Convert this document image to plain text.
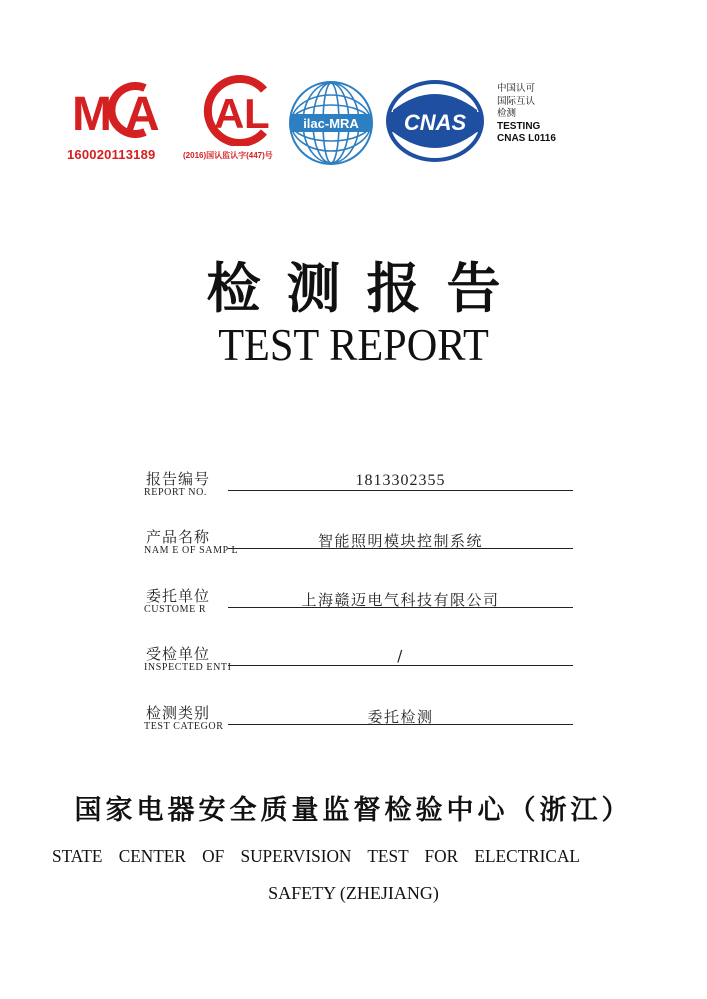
M A
160020113189
A L
(2016)国认监认字(447)号
ilac-MRA CNAS
中国认可
国际互认
检测
TESTING
CNAS L0116
检测报告
TEST REPORT
报告编号
REPORT NO.
1813302355
产品名称
NAM E OF SAMP L
智能照明模块控制系统
委托单位
CUSTOME R
上海赣迈电气科技有限公司
受检单位
INSPECTED ENTI
/
检测类别
TEST CATEGOR
委托检测
国家电器安全质量监督检验中心（浙江）
STATE CENTER OF SUPERVISION TEST FOR ELECTRICAL
SAFETY (ZHEJIANG)
